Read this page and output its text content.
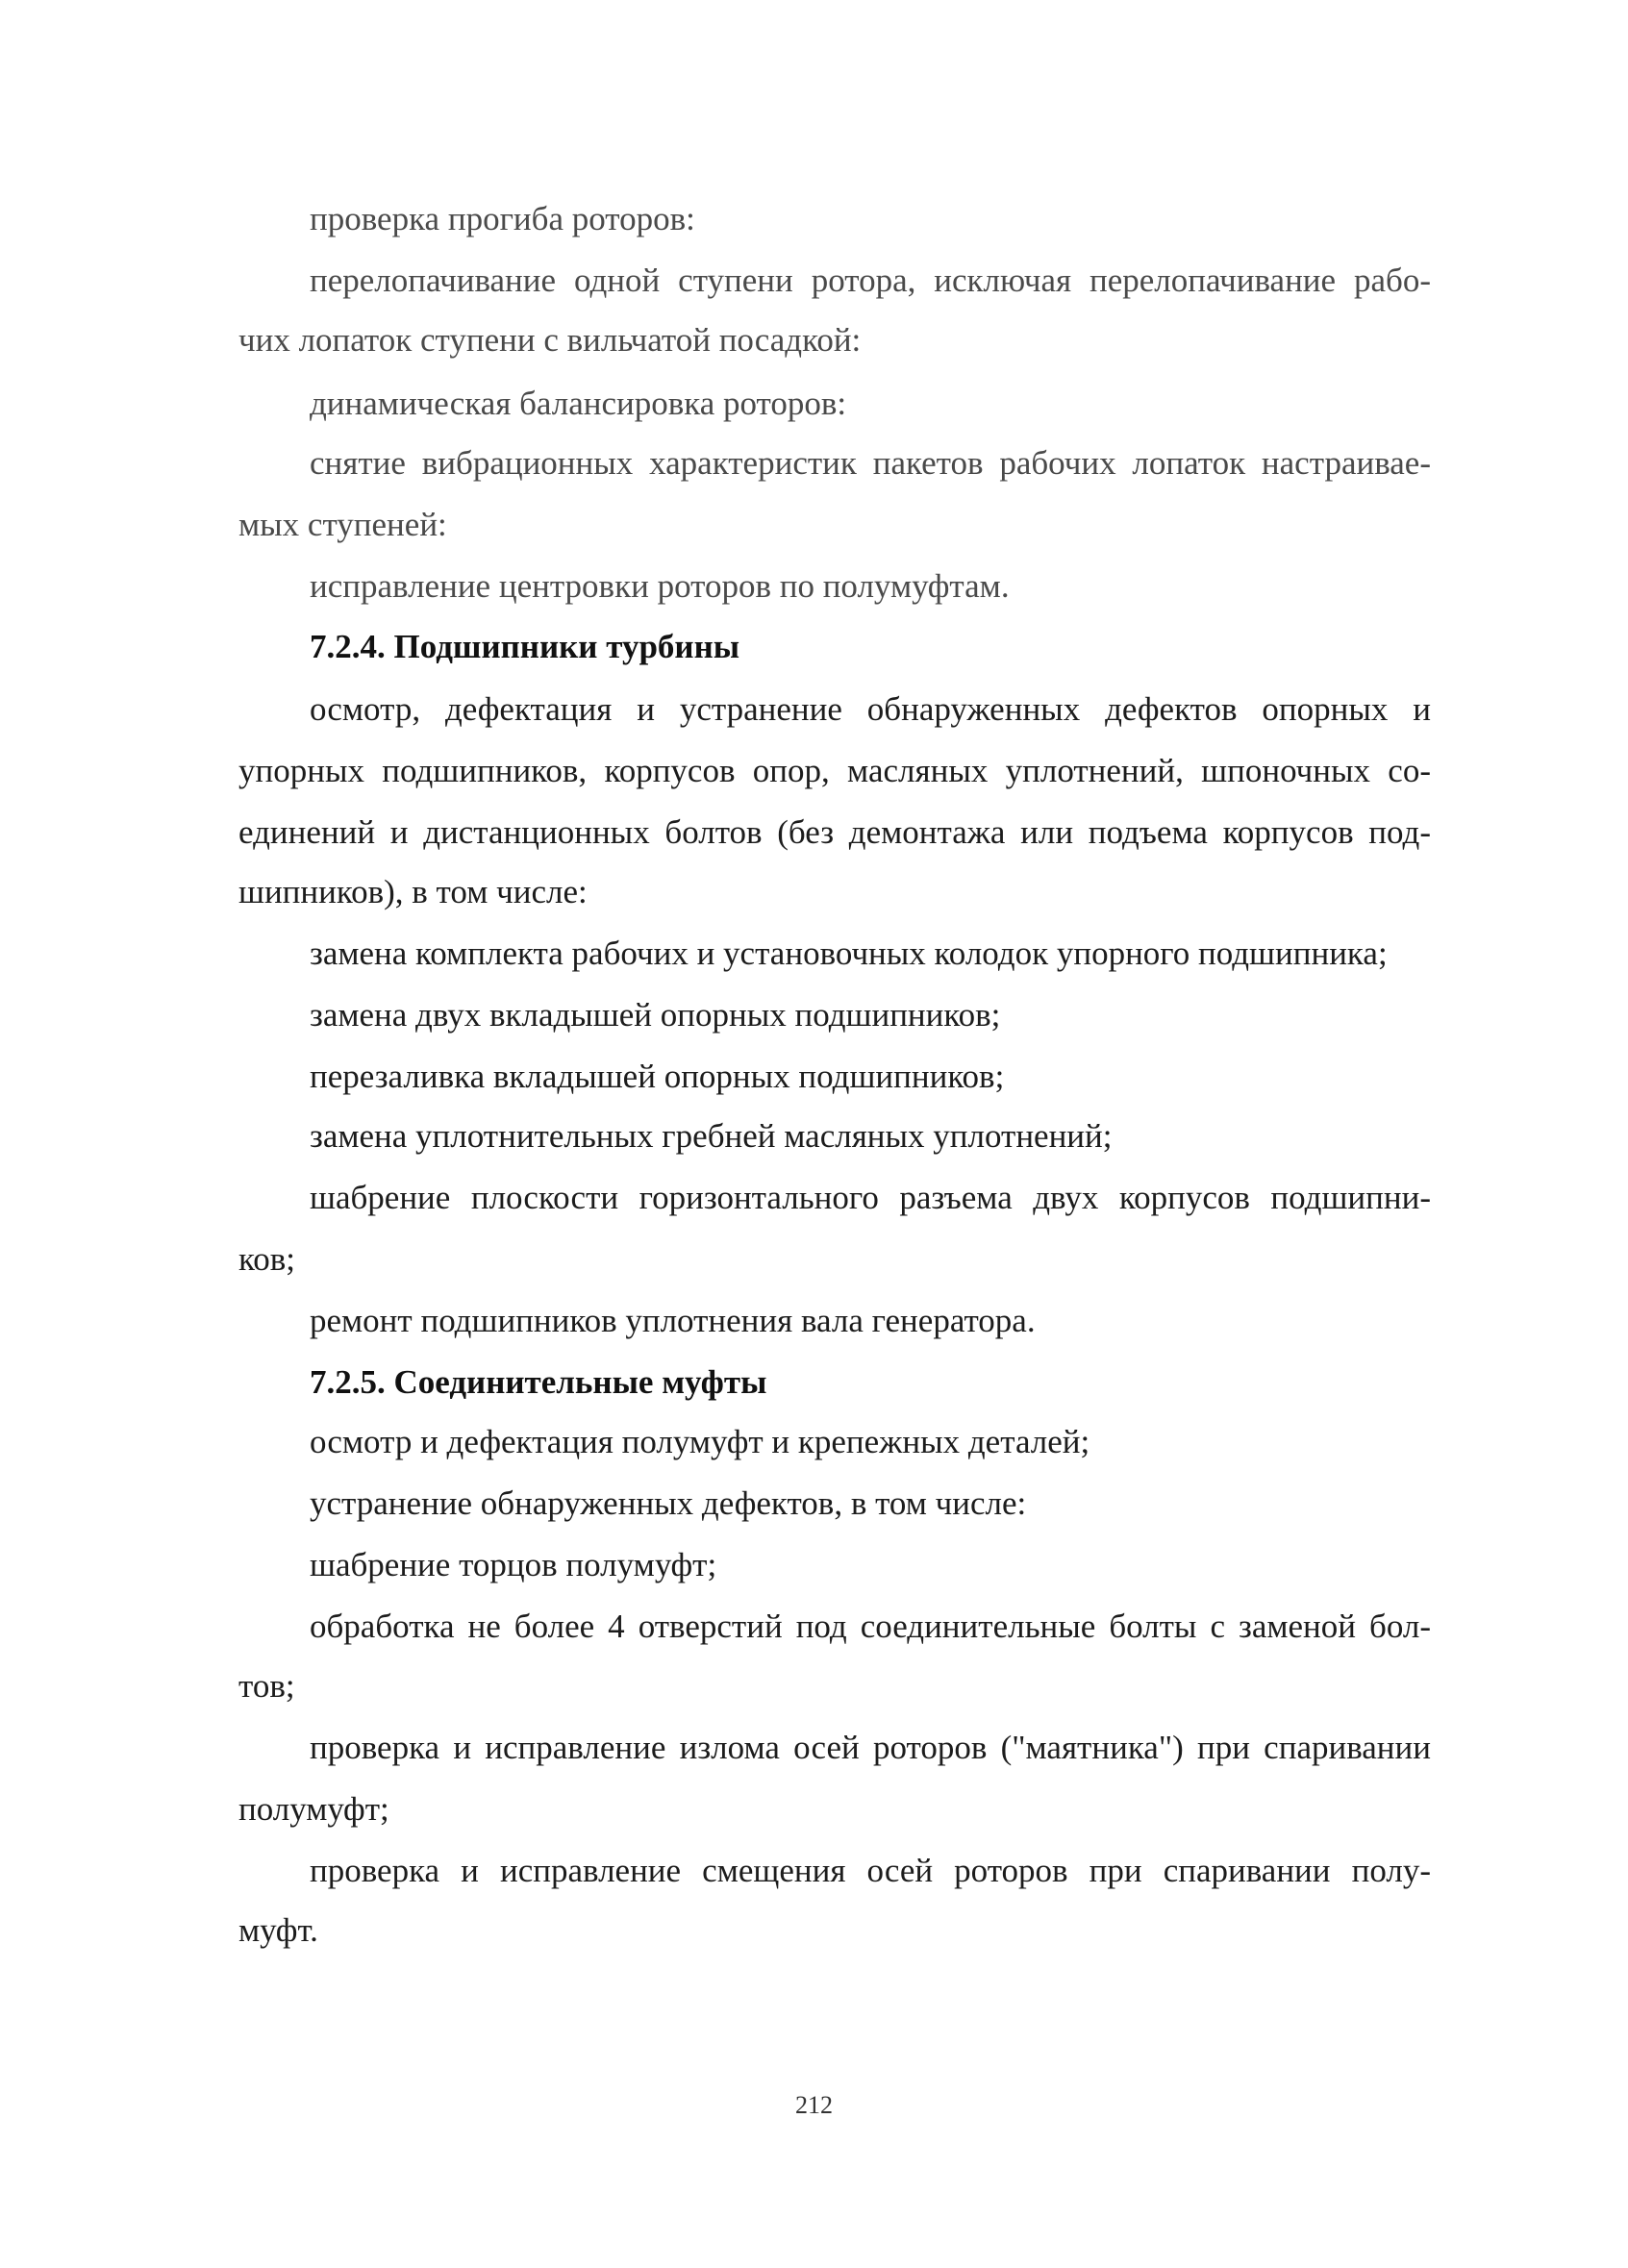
проверка прогиба роторов:
перелопачивание одной ступени ротора, исключая перелопачивание рабо-
чих лопаток ступени с вильчатой посадкой:
динамическая балансировка роторов:
снятие вибрационных характеристик пакетов рабочих лопаток настраивае-
мых ступеней:
исправление центровки роторов по полумуфтам.
7.2.4. Подшипники турбины
осмотр, дефектация и устранение обнаруженных дефектов опорных и
упорных подшипников, корпусов опор, масляных уплотнений, шпоночных со-
единений и дистанционных болтов (без демонтажа или подъема корпусов под-
шипников), в том числе:
замена комплекта рабочих и установочных колодок упорного подшипника;
замена двух вкладышей опорных подшипников;
перезаливка вкладышей опорных подшипников;
замена уплотнительных гребней масляных уплотнений;
шабрение плоскости горизонтального разъема двух корпусов подшипни-
ков;
ремонт подшипников уплотнения вала генератора.
7.2.5. Соединительные муфты
осмотр и дефектация полумуфт и крепежных деталей;
устранение обнаруженных дефектов, в том числе:
шабрение торцов полумуфт;
обработка не более 4 отверстий под соединительные болты с заменой бол-
тов;
проверка и исправление излома осей роторов ("маятника") при спаривании
полумуфт;
проверка и исправление смещения осей роторов при спаривании полу-
муфт.
212
